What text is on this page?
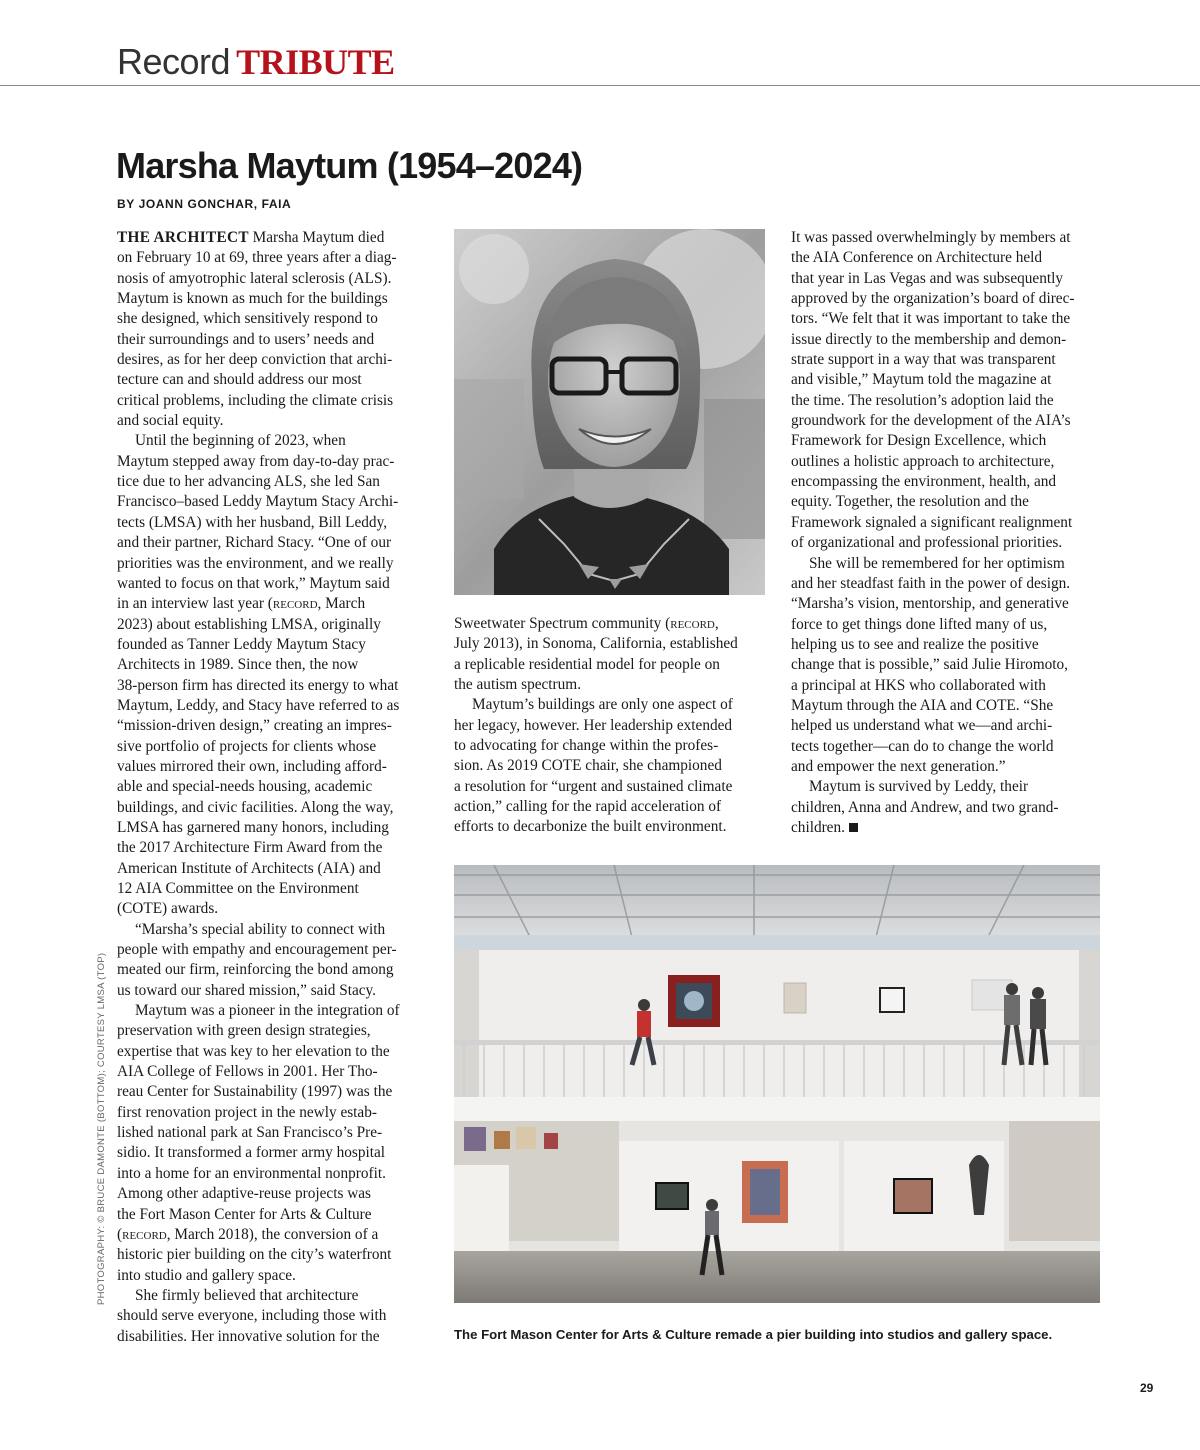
Record TRIBUTE
Marsha Maytum (1954–2024)
BY JOANN GONCHAR, FAIA

THE ARCHITECT Marsha Maytum died

on February 10 at 69, three years after a diag-

nosis of amyotrophic lateral sclerosis (ALS).

Maytum is known as much for the buildings

she designed, which sensitively respond to

their surroundings and to users’ needs and

desires, as for her deep conviction that archi-

tecture can and should address our most

critical problems, including the climate crisis

and social equity.

Until the beginning of 2023, when

Maytum stepped away from day-to-day prac-

tice due to her advancing ALS, she led San

Francisco–based Leddy Maytum Stacy Archi-

tects (LMSA) with her husband, Bill Leddy,

and their partner, Richard Stacy. “One of our

priorities was the environment, and we really

wanted to focus on that work,” Maytum said

in an interview last year (record, March

2023) about establishing LMSA, originally

founded as Tanner Leddy Maytum Stacy

Architects in 1989. Since then, the now

38-person firm has directed its energy to what

Maytum, Leddy, and Stacy have referred to as

“mission-driven design,” creating an impres-

sive portfolio of projects for clients whose

values mirrored their own, including afford-

able and special-needs housing, academic

buildings, and civic facilities. Along the way,

LMSA has garnered many honors, including

the 2017 Architecture Firm Award from the

American Institute of Architects (AIA) and

12 AIA Committee on the Environment

(COTE) awards.

“Marsha’s special ability to connect with

people with empathy and encouragement per-

meated our firm, reinforcing the bond among

us toward our shared mission,” said Stacy.

Maytum was a pioneer in the integration of

preservation with green design strategies,

expertise that was key to her elevation to the

AIA College of Fellows in 2001. Her Tho-

reau Center for Sustainability (1997) was the

first renovation project in the newly estab-

lished national park at San Francisco’s Pre-

sidio. It transformed a former army hospital

into a home for an environmental nonprofit.

Among other adaptive-reuse projects was

the Fort Mason Center for Arts & Culture

(record, March 2018), the conversion of a

historic pier building on the city’s waterfront

into studio and gallery space.

She firmly believed that architecture

should serve everyone, including those with

disabilities. Her innovative solution for the

Sweetwater Spectrum community (record,

July 2013), in Sonoma, California, established

a replicable residential model for people on

the autism spectrum.

Maytum’s buildings are only one aspect of

her legacy, however. Her leadership extended

to advocating for change within the profes-

sion. As 2019 COTE chair, she championed

a resolution for “urgent and sustained climate

action,” calling for the rapid acceleration of

efforts to decarbonize the built environment.

It was passed overwhelmingly by members at

the AIA Conference on Architecture held

that year in Las Vegas and was subsequently

approved by the organization’s board of direc-

tors. “We felt that it was important to take the

issue directly to the membership and demon-

strate support in a way that was transparent

and visible,” Maytum told the magazine at

the time. The resolution’s adoption laid the

groundwork for the development of the AIA’s

Framework for Design Excellence, which

outlines a holistic approach to architecture,

encompassing the environment, health, and

equity. Together, the resolution and the

Framework signaled a significant realignment

of organizational and professional priorities.

She will be remembered for her optimism

and her steadfast faith in the power of design.

“Marsha’s vision, mentorship, and generative

force to get things done lifted many of us,

helping us to see and realize the positive

change that is possible,” said Julie Hiromoto,

a principal at HKS who collaborated with

Maytum through the AIA and COTE. “She

helped us understand what we—and archi-

tects together—can do to change the world

and empower the next generation.”

Maytum is survived by Leddy, their

children, Anna and Andrew, and two grand-

children.

The Fort Mason Center for Arts & Culture remade a pier building into studios and gallery space.
PHOTOGRAPHY: © BRUCE DAMONTE (BOTTOM); COURTESY LMSA (TOP)
29
